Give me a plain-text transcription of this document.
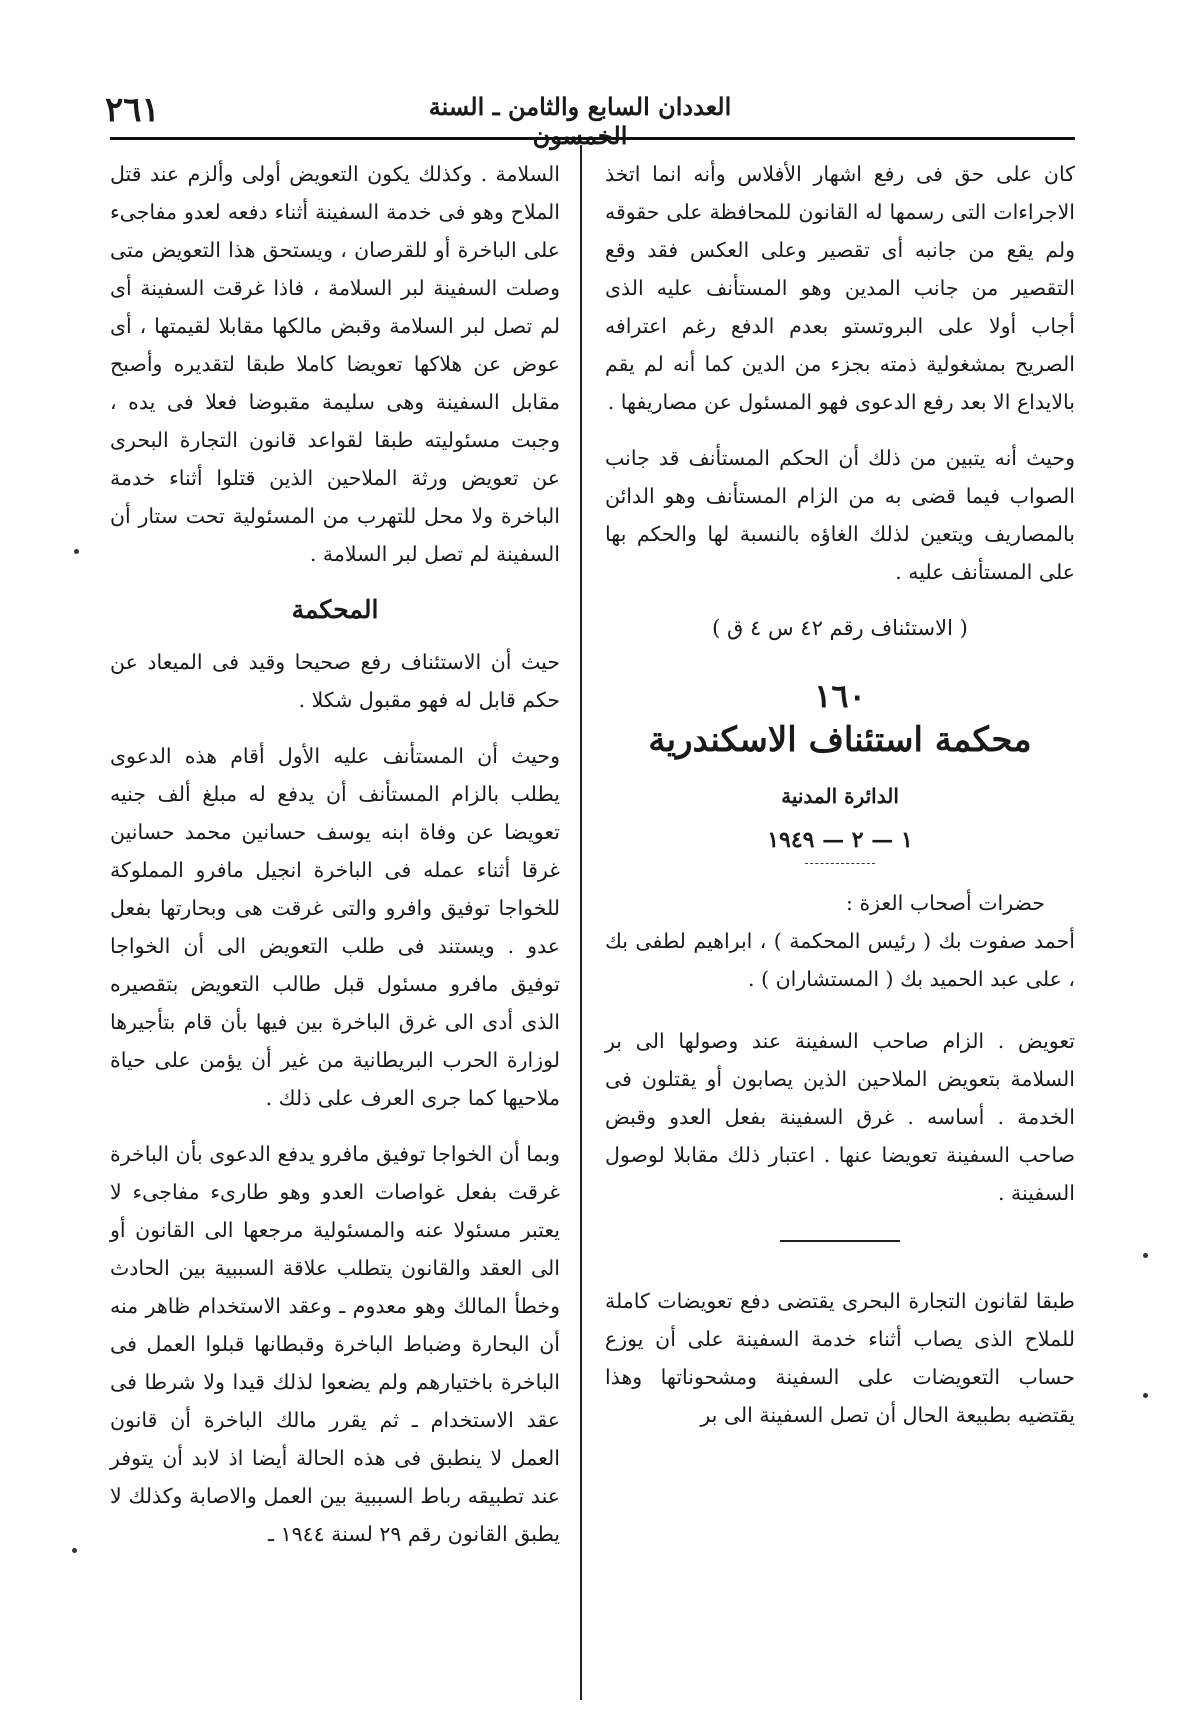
٢٦١	العددان السابع والثامن ـ السنة الخمسون

كان على حق فى رفع اشهار الأفلاس وأنه انما اتخذ الاجراءات التى رسمها له القانون للمحافظة على حقوقه ولم يقع من جانبه أى تقصير وعلى العكس فقد وقع التقصير من جانب المدين وهو المستأنف عليه الذى أجاب أولا على البروتستو بعدم الدفع رغم اعترافه الصريح بمشغولية ذمته بجزء من الدين كما أنه لم يقم بالايداع الا بعد رفع الدعوى فهو المسئول عن مصاريفها .

وحيث أنه يتبين من ذلك أن الحكم المستأنف قد جانب الصواب فيما قضى به من الزام المستأنف وهو الدائن بالمصاريف ويتعين لذلك الغاؤه بالنسبة لها والحكم بها على المستأنف عليه .

( الاستئناف رقم ٤٢ س ٤ ق )
١٦٠
محكمة استئناف الاسكندرية
الدائرة المدنية
١ — ٢ — ١٩٤٩
حضرات أصحاب العزة :

أحمد صفوت بك ( رئيس المحكمة ) ، ابراهيم لطفى بك ، على عبد الحميد بك ( المستشاران ) .

تعويض . الزام صاحب السفينة عند وصولها الى بر السلامة بتعويض الملاحين الذين يصابون أو يقتلون فى الخدمة . أساسه . غرق السفينة بفعل العدو وقبض صاحب السفينة تعويضا عنها . اعتبار ذلك مقابلا لوصول السفينة .

طبقا لقانون التجارة البحرى يقتضى دفع تعويضات كاملة للملاح الذى يصاب أثناء خدمة السفينة على أن يوزع حساب التعويضات على السفينة ومشحوناتها وهذا يقتضيه بطبيعة الحال أن تصل السفينة الى بر

السلامة . وكذلك يكون التعويض أولى وألزم عند قتل الملاح وهو فى خدمة السفينة أثناء دفعه لعدو مفاجىء على الباخرة أو للقرصان ، ويستحق هذا التعويض متى وصلت السفينة لبر السلامة ، فاذا غرقت السفينة أى لم تصل لبر السلامة وقبض مالكها مقابلا لقيمتها ، أى عوض عن هلاكها تعويضا كاملا طبقا لتقديره وأصبح مقابل السفينة وهى سليمة مقبوضا فعلا فى يده ، وجبت مسئوليته طبقا لقواعد قانون التجارة البحرى عن تعويض ورثة الملاحين الذين قتلوا أثناء خدمة الباخرة ولا محل للتهرب من المسئولية تحت ستار أن السفينة لم تصل لبر السلامة .

المحكمة

حيث أن الاستئناف رفع صحيحا وقيد فى الميعاد عن حكم قابل له فهو مقبول شكلا .

وحيث أن المستأنف عليه الأول أقام هذه الدعوى يطلب بالزام المستأنف أن يدفع له مبلغ ألف جنيه تعويضا عن وفاة ابنه يوسف حسانين محمد حسانين غرقا أثناء عمله فى الباخرة انجيل مافرو المملوكة للخواجا توفيق وافرو والتى غرقت هى وبحارتها بفعل عدو . ويستند فى طلب التعويض الى أن الخواجا توفيق مافرو مسئول قبل طالب التعويض بتقصيره الذى أدى الى غرق الباخرة بين فيها بأن قام بتأجيرها لوزارة الحرب البريطانية من غير أن يؤمن على حياة ملاحيها كما جرى العرف على ذلك .

وبما أن الخواجا توفيق مافرو يدفع الدعوى بأن الباخرة غرقت بفعل غواصات العدو وهو طارىء مفاجىء لا يعتبر مسئولا عنه والمسئولية مرجعها الى القانون أو الى العقد والقانون يتطلب علاقة السببية بين الحادث وخطأ المالك وهو معدوم ـ وعقد الاستخدام ظاهر منه أن البحارة وضباط الباخرة وقبطانها قبلوا العمل فى الباخرة باختيارهم ولم يضعوا لذلك قيدا ولا شرطا فى عقد الاستخدام ـ ثم يقرر مالك الباخرة أن قانون العمل لا ينطبق فى هذه الحالة أيضا اذ لابد أن يتوفر عند تطبيقه رباط السببية بين العمل والاصابة وكذلك لا يطبق القانون رقم ٢٩ لسنة ١٩٤٤ ـ
